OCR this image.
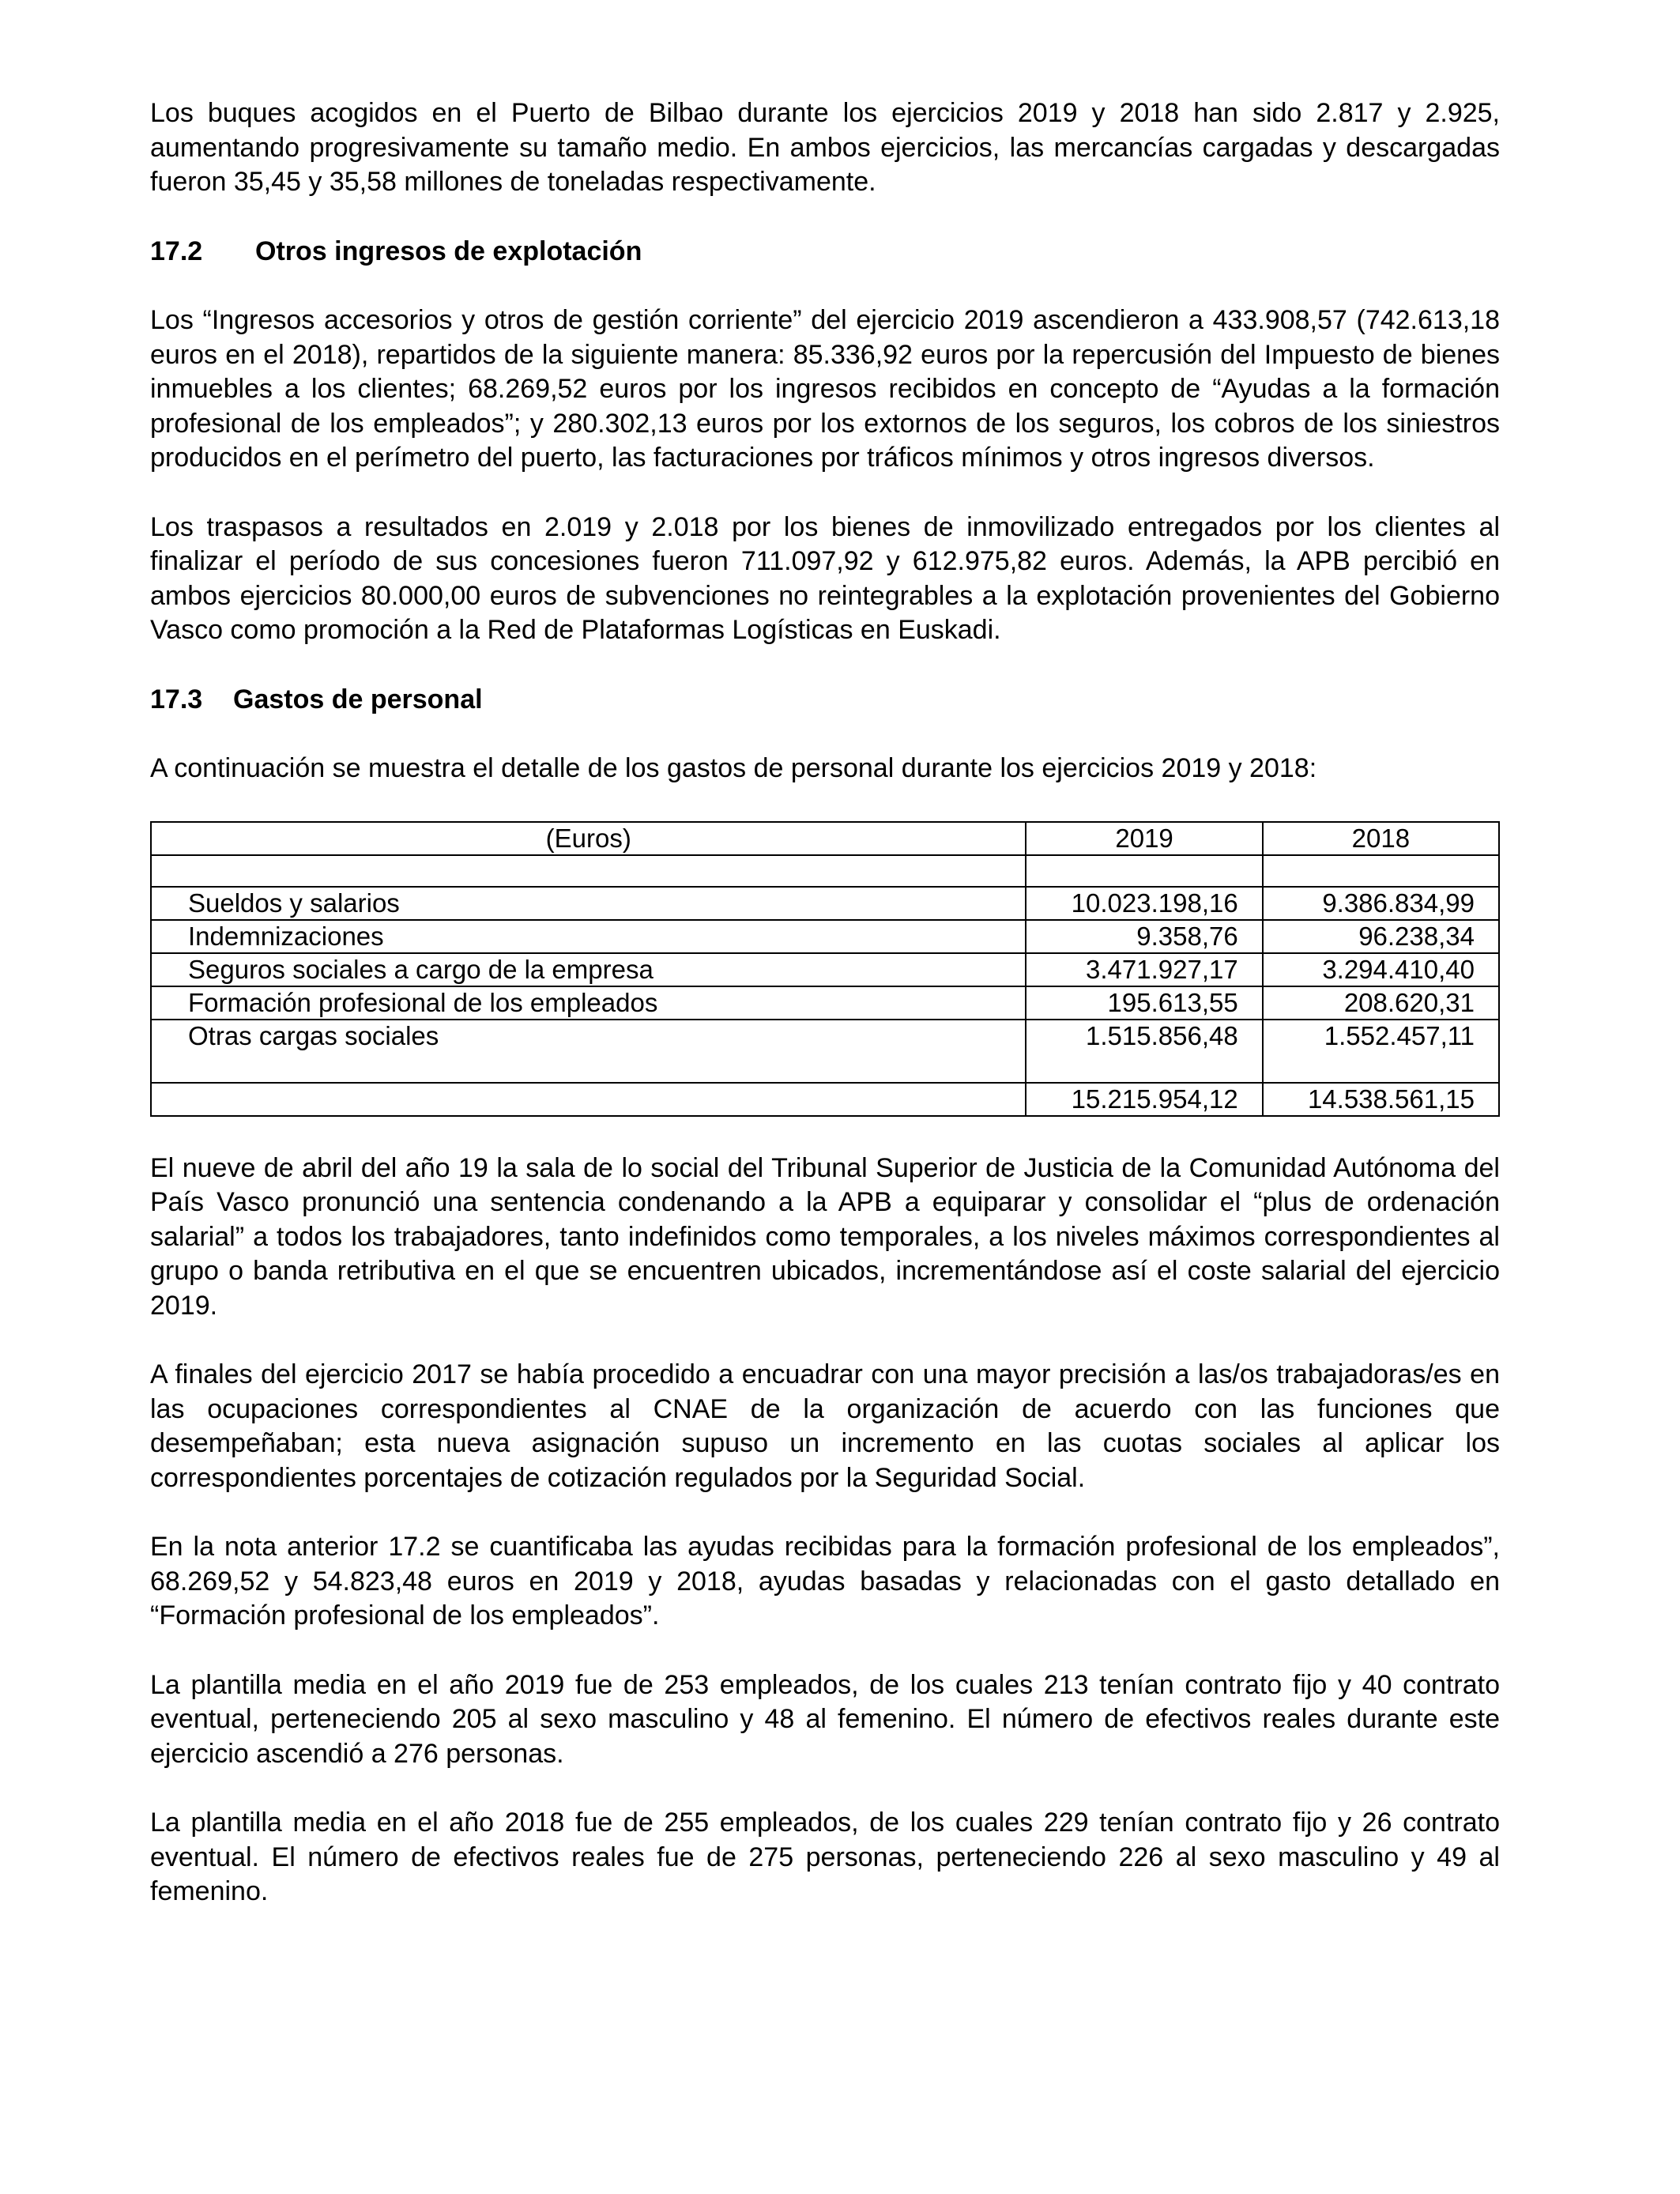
Los buques acogidos en el Puerto de Bilbao durante los ejercicios 2019 y 2018 han sido 2.817 y 2.925, aumentando progresivamente su tamaño medio. En ambos ejercicios, las mercancías cargadas y descargadas fueron 35,45 y 35,58 millones de toneladas respectivamente.

17.2 Otros ingresos de explotación

Los “Ingresos accesorios y otros de gestión corriente” del ejercicio 2019 ascendieron a 433.908,57 (742.613,18 euros en el 2018), repartidos de la siguiente manera: 85.336,92 euros por la repercusión del Impuesto de bienes inmuebles a los clientes; 68.269,52 euros por los ingresos recibidos en concepto de “Ayudas a la formación profesional de los empleados”; y 280.302,13 euros por los extornos de los seguros, los cobros de los siniestros producidos en el perímetro del puerto, las facturaciones por tráficos mínimos y otros ingresos diversos.

Los traspasos a resultados en 2.019 y 2.018 por los bienes de inmovilizado entregados por los clientes al finalizar el período de sus concesiones fueron 711.097,92 y 612.975,82 euros. Además, la APB percibió en ambos ejercicios 80.000,00 euros de subvenciones no reintegrables a la explotación provenientes del Gobierno Vasco como promoción a la Red de Plataformas Logísticas en Euskadi.

17.3 Gastos de personal

A continuación se muestra el detalle de los gastos de personal durante los ejercicios 2019 y 2018:

(Euros)	2019	2018

Sueldos y salarios	10.023.198,16	9.386.834,99
Indemnizaciones	9.358,76	96.238,34
Seguros sociales a cargo de la empresa	3.471.927,17	3.294.410,40
Formación profesional de los empleados	195.613,55	208.620,31
Otras cargas sociales	1.515.856,48	1.552.457,11
	15.215.954,12	14.538.561,15

El nueve de abril del año 19 la sala de lo social del Tribunal Superior de Justicia de la Comunidad Autónoma del País Vasco pronunció una sentencia condenando a la APB a equiparar y consolidar el “plus de ordenación salarial” a todos los trabajadores, tanto indefinidos como temporales, a los niveles máximos correspondientes al grupo o banda retributiva en el que se encuentren ubicados, incrementándose así el coste salarial del ejercicio 2019.

A finales del ejercicio 2017 se había procedido a encuadrar con una mayor precisión a las/os trabajadoras/es en las ocupaciones correspondientes al CNAE de la organización de acuerdo con las funciones que desempeñaban; esta nueva asignación supuso un incremento en las cuotas sociales al aplicar los correspondientes porcentajes de cotización regulados por la Seguridad Social.

En la nota anterior 17.2 se cuantificaba las ayudas recibidas para la formación profesional de los empleados”, 68.269,52 y 54.823,48 euros en 2019 y 2018, ayudas basadas y relacionadas con el gasto detallado en “Formación profesional de los empleados”.

La plantilla media en el año 2019 fue de 253 empleados, de los cuales 213 tenían contrato fijo y 40 contrato eventual, perteneciendo 205 al sexo masculino y 48 al femenino. El número de efectivos reales durante este ejercicio ascendió a 276 personas.

La plantilla media en el año 2018 fue de 255 empleados, de los cuales 229 tenían contrato fijo y 26 contrato eventual. El número de efectivos reales fue de 275 personas, perteneciendo 226 al sexo masculino y 49 al femenino.
